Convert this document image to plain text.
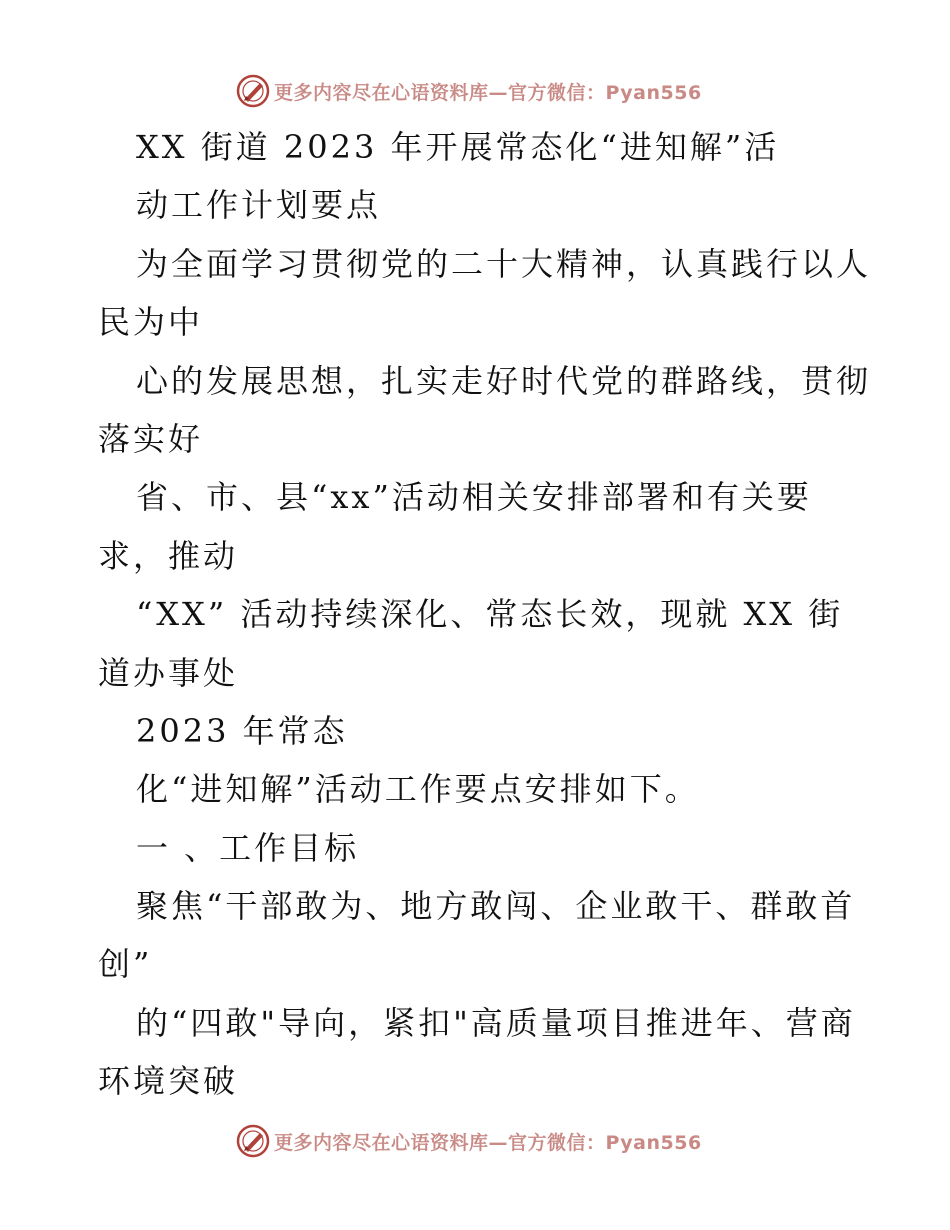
更多内容尽在心语资料库—官方微信：Pyan556
XX 街道 2023 年开展常态化“进知解”活
动工作计划要点
为全面学习贯彻党的二十大精神，认真践行以人
民为中
心的发展思想，扎实走好时代党的群路线，贯彻
落实好
省、市、县“xx”活动相关安排部署和有关要
求，推动
“XX” 活动持续深化、常态长效，现就 XX 街
道办事处
2023 年常态
化“进知解”活动工作要点安排如下。
一 、工作目标
聚焦“干部敢为、地方敢闯、企业敢干、群敢首
创”
的“四敢"导向，紧扣"高质量项目推进年、营商
环境突破
更多内容尽在心语资料库—官方微信：Pyan556
